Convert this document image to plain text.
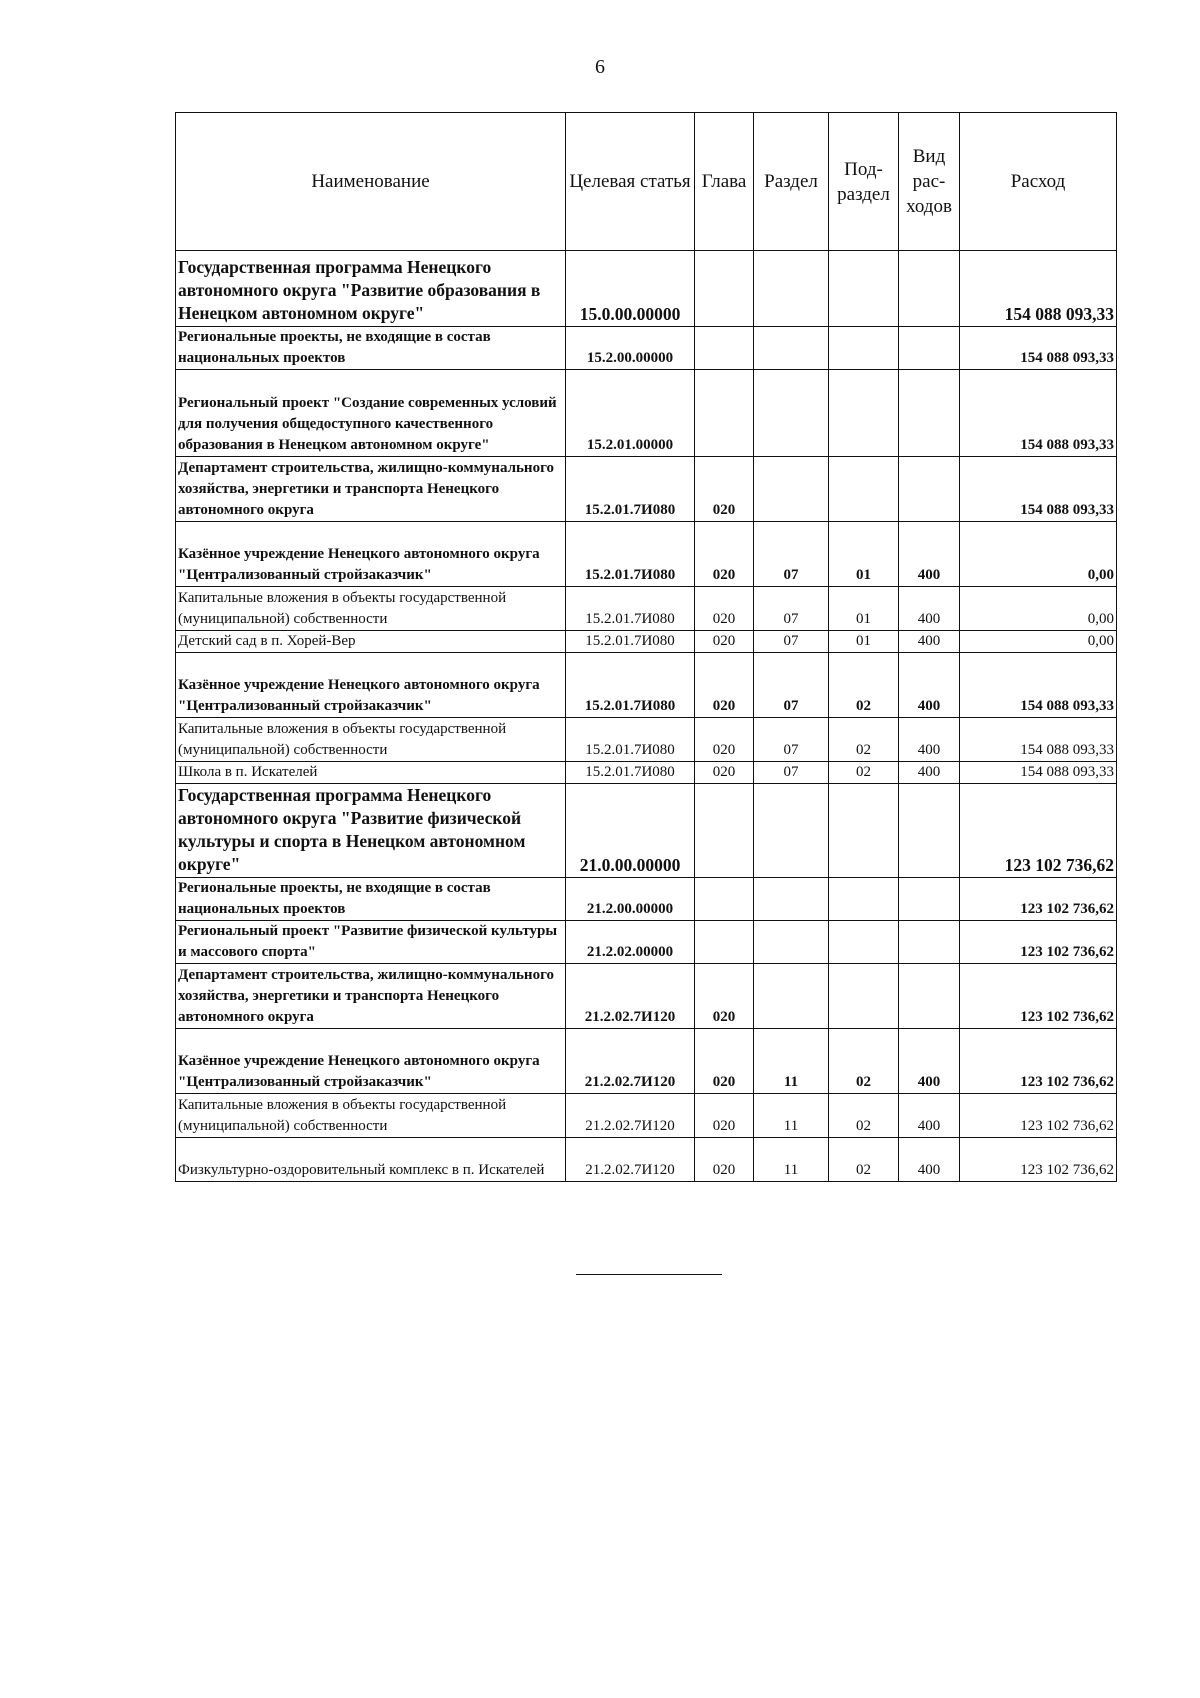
6
Наименование	Целевая статья	Глава	Раздел	Под-раздел	Вид рас-ходов	Расход
Государственная программа Ненецкого автономного округа "Развитие образования в Ненецком автономном округе"	15.0.00.00000					154 088 093,33
Региональные проекты, не входящие в состав национальных проектов	15.2.00.00000					154 088 093,33
Региональный проект "Создание современных условий для получения общедоступного качественного образования в Ненецком автономном округе"	15.2.01.00000					154 088 093,33
Департамент строительства, жилищно-коммунального хозяйства, энергетики и транспорта Ненецкого автономного округа	15.2.01.7И080	020				154 088 093,33
Казённое учреждение Ненецкого автономного округа "Централизованный стройзаказчик"	15.2.01.7И080	020	07	01	400	0,00
Капитальные вложения в объекты государственной (муниципальной) собственности	15.2.01.7И080	020	07	01	400	0,00
Детский сад в п. Хорей-Вер	15.2.01.7И080	020	07	01	400	0,00
Казённое учреждение Ненецкого автономного округа "Централизованный стройзаказчик"	15.2.01.7И080	020	07	02	400	154 088 093,33
Капитальные вложения в объекты государственной (муниципальной) собственности	15.2.01.7И080	020	07	02	400	154 088 093,33
Школа в п. Искателей	15.2.01.7И080	020	07	02	400	154 088 093,33
Государственная программа Ненецкого автономного округа "Развитие физической культуры и спорта в Ненецком автономном округе"	21.0.00.00000					123 102 736,62
Региональные проекты, не входящие в состав национальных проектов	21.2.00.00000					123 102 736,62
Региональный проект "Развитие физической культуры и массового спорта"	21.2.02.00000					123 102 736,62
Департамент строительства, жилищно-коммунального хозяйства, энергетики и транспорта Ненецкого автономного округа	21.2.02.7И120	020				123 102 736,62
Казённое учреждение Ненецкого автономного округа "Централизованный стройзаказчик"	21.2.02.7И120	020	11	02	400	123 102 736,62
Капитальные вложения в объекты государственной (муниципальной) собственности	21.2.02.7И120	020	11	02	400	123 102 736,62
Физкультурно-оздоровительный комплекс в п. Искателей	21.2.02.7И120	020	11	02	400	123 102 736,62
